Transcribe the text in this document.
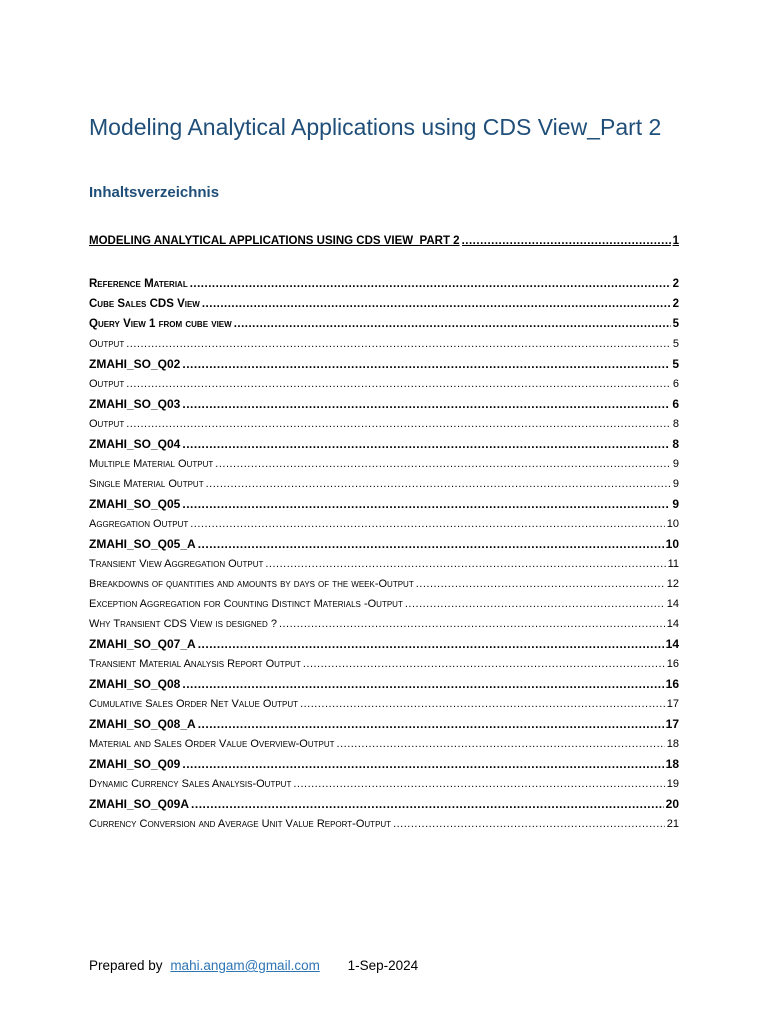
Modeling Analytical Applications using CDS View_Part 2
Inhaltsverzeichnis
MODELING ANALYTICAL APPLICATIONS USING CDS VIEW_PART 2 .....	1
Reference Material .....	2
Cube Sales CDS View .....	2
Query View 1 from cube view .....	5
Output .....	5
ZMAHI_SO_Q02 .....	5
Output .....	6
ZMAHI_SO_Q03 .....	6
Output .....	8
ZMAHI_SO_Q04 .....	8
Multiple Material Output .....	9
Single Material Output .....	9
ZMAHI_SO_Q05 .....	9
Aggregation Output .....	10
ZMAHI_SO_Q05_A .....	10
Transient View Aggregation Output .....	11
Breakdowns of quantities and amounts by days of the week-Output .....	12
Exception Aggregation for Counting Distinct Materials -Output .....	14
Why Transient CDS View is designed ? .....	14
ZMAHI_SO_Q07_A .....	14
Transient Material Analysis Report Output .....	16
ZMAHI_SO_Q08 .....	16
Cumulative Sales Order Net Value Output .....	17
ZMAHI_SO_Q08_A .....	17
Material and Sales Order Value Overview-Output .....	18
ZMAHI_SO_Q09 .....	18
Dynamic Currency Sales Analysis-Output .....	19
ZMAHI_SO_Q09A .....	20
Currency Conversion and Average Unit Value Report-Output .....	21
Prepared by mahi.angam@gmail.com 1-Sep-2024
